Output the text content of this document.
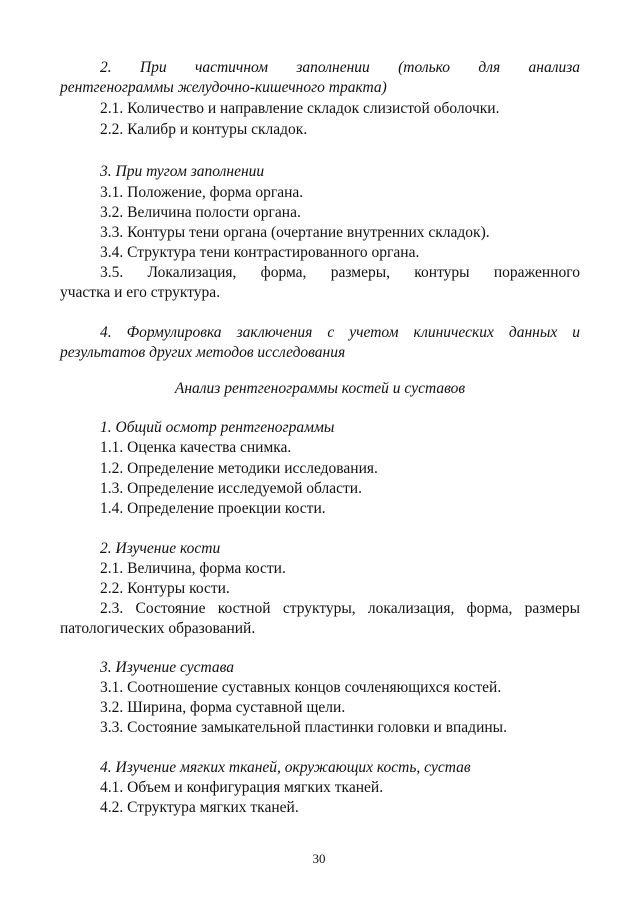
2. При частичном заполнении (только для анализа
рентгенограммы желудочно-кишечного тракта)
2.1. Количество и направление складок слизистой оболочки.
2.2. Калибр и контуры складок.
3. При тугом заполнении
3.1. Положение, форма органа.
3.2. Величина полости органа.
3.3. Контуры тени органа (очертание внутренних складок).
3.4. Структура тени контрастированного органа.
3.5. Локализация, форма, размеры, контуры пораженного
участка и его структура.
4. Формулировка заключения с учетом клинических данных и
результатов других методов исследования
Анализ рентгенограммы костей и суставов
1. Общий осмотр рентгенограммы
1.1. Оценка качества снимка.
1.2. Определение методики исследования.
1.3. Определение исследуемой области.
1.4. Определение проекции кости.
2. Изучение кости
2.1. Величина, форма кости.
2.2. Контуры кости.
2.3. Состояние костной структуры, локализация, форма, размеры
патологических образований.
3. Изучение сустава
3.1. Соотношение суставных концов сочленяющихся костей.
3.2. Ширина, форма суставной щели.
3.3. Состояние замыкательной пластинки головки и впадины.
4. Изучение мягких тканей, окружающих кость, сустав
4.1. Объем и конфигурация мягких тканей.
4.2. Структура мягких тканей.
30
